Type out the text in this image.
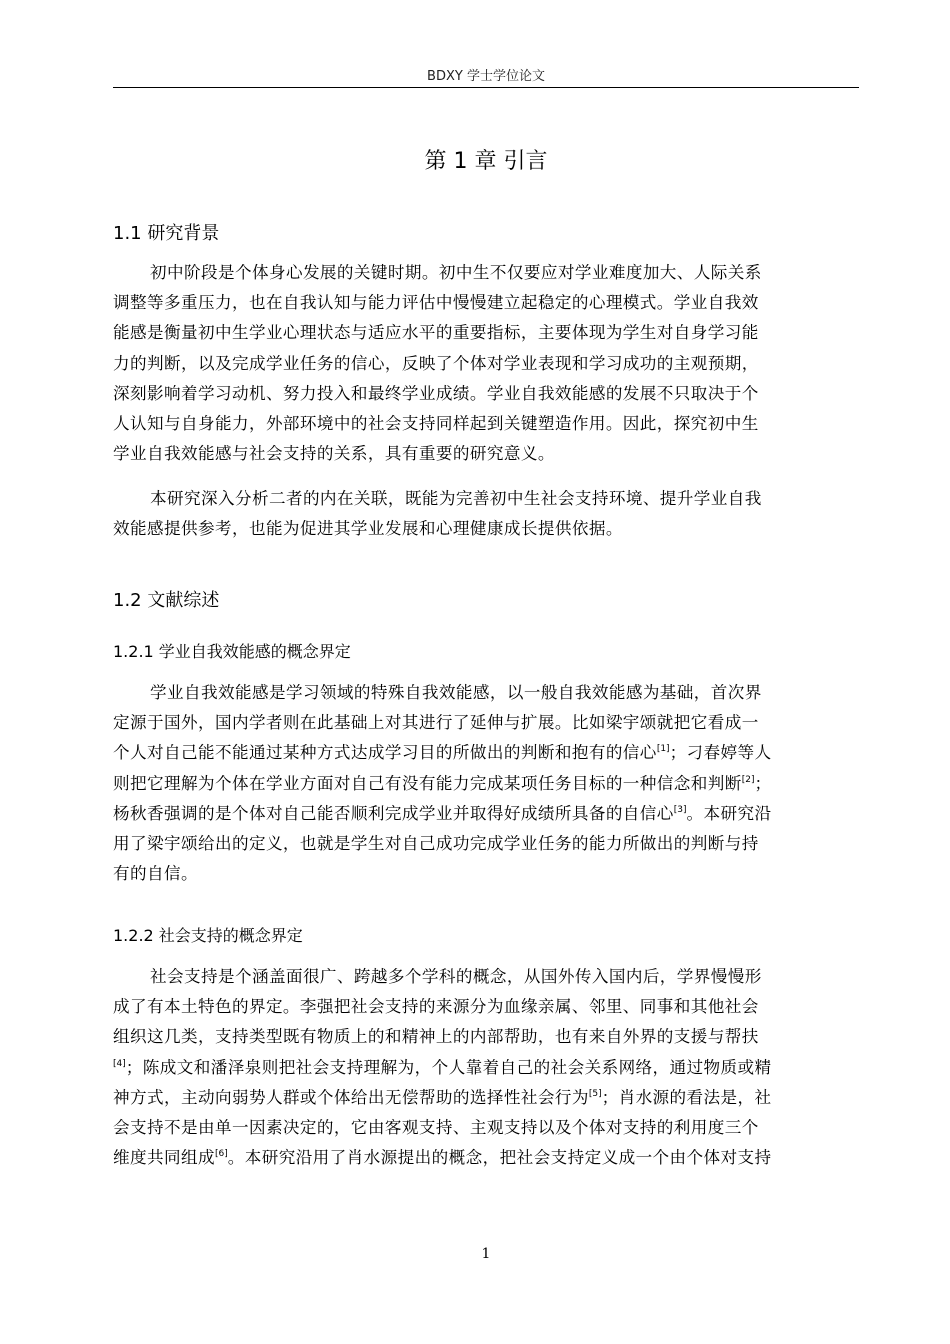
BDXY 学士学位论文
第 1 章 引言
1.1 研究背景
初中阶段是个体身心发展的关键时期。初中生不仅要应对学业难度加大、人际关系
调整等多重压力，也在自我认知与能力评估中慢慢建立起稳定的心理模式。学业自我效
能感是衡量初中生学业心理状态与适应水平的重要指标，主要体现为学生对自身学习能
力的判断，以及完成学业任务的信心，反映了个体对学业表现和学习成功的主观预期，
深刻影响着学习动机、努力投入和最终学业成绩。学业自我效能感的发展不只取决于个
人认知与自身能力，外部环境中的社会支持同样起到关键塑造作用。因此，探究初中生
学业自我效能感与社会支持的关系，具有重要的研究意义。
本研究深入分析二者的内在关联，既能为完善初中生社会支持环境、提升学业自我
效能感提供参考，也能为促进其学业发展和心理健康成长提供依据。
1.2 文献综述
1.2.1 学业自我效能感的概念界定
学业自我效能感是学习领域的特殊自我效能感，以一般自我效能感为基础，首次界
定源于国外，国内学者则在此基础上对其进行了延伸与扩展。比如梁宇颂就把它看成一
个人对自己能不能通过某种方式达成学习目的所做出的判断和抱有的信心[1]；刁春婷等人
则把它理解为个体在学业方面对自己有没有能力完成某项任务目标的一种信念和判断[2]；
杨秋香强调的是个体对自己能否顺利完成学业并取得好成绩所具备的自信心[3]。本研究沿
用了梁宇颂给出的定义，也就是学生对自己成功完成学业任务的能力所做出的判断与持
有的自信。
1.2.2 社会支持的概念界定
社会支持是个涵盖面很广、跨越多个学科的概念，从国外传入国内后，学界慢慢形
成了有本土特色的界定。李强把社会支持的来源分为血缘亲属、邻里、同事和其他社会
组织这几类，支持类型既有物质上的和精神上的内部帮助，也有来自外界的支援与帮扶
[4]；陈成文和潘泽泉则把社会支持理解为，个人靠着自己的社会关系网络，通过物质或精
神方式，主动向弱势人群或个体给出无偿帮助的选择性社会行为[5]；肖水源的看法是，社
会支持不是由单一因素决定的，它由客观支持、主观支持以及个体对支持的利用度三个
维度共同组成[6]。本研究沿用了肖水源提出的概念，把社会支持定义成一个由个体对支持
1
